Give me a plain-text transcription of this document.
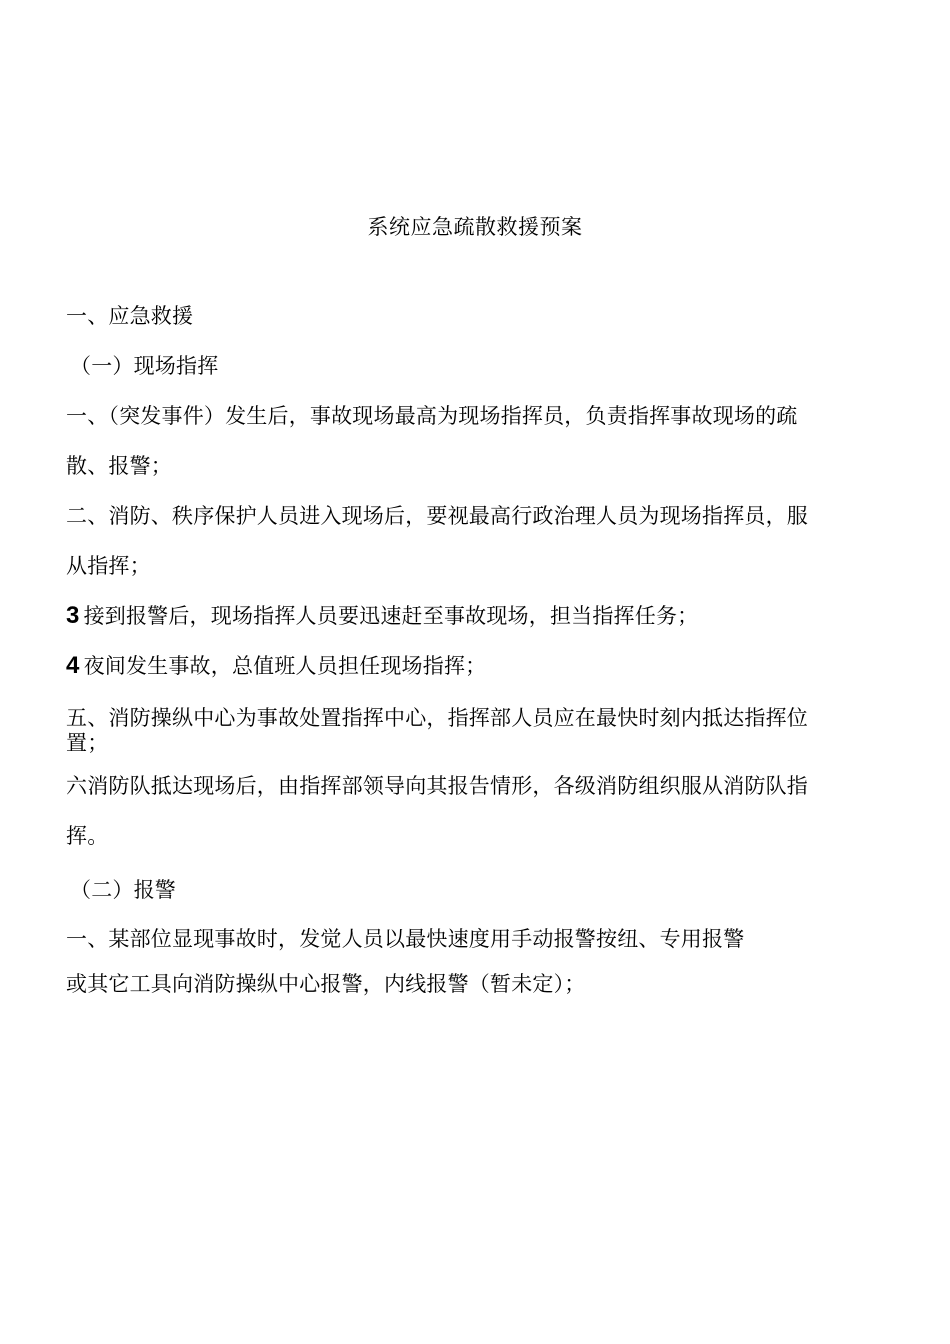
系统应急疏散救援预案
一、应急救援
（一）现场指挥
一、（突发事件）发生后，事故现场最高为现场指挥员，负责指挥事故现场的疏
散、报警；
二、消防、秩序保护人员进入现场后，要视最高行政治理人员为现场指挥员，服
从指挥；
3 接到报警后，现场指挥人员要迅速赶至事故现场，担当指挥任务；
4 夜间发生事故，总值班人员担任现场指挥；
五、消防操纵中心为事故处置指挥中心，指挥部人员应在最快时刻内抵达指挥位
置；
六消防队抵达现场后，由指挥部领导向其报告情形，各级消防组织服从消防队指
挥。
（二）报警
一、某部位显现事故时，发觉人员以最快速度用手动报警按纽、专用报警
或其它工具向消防操纵中心报警，内线报警（暂未定）；
